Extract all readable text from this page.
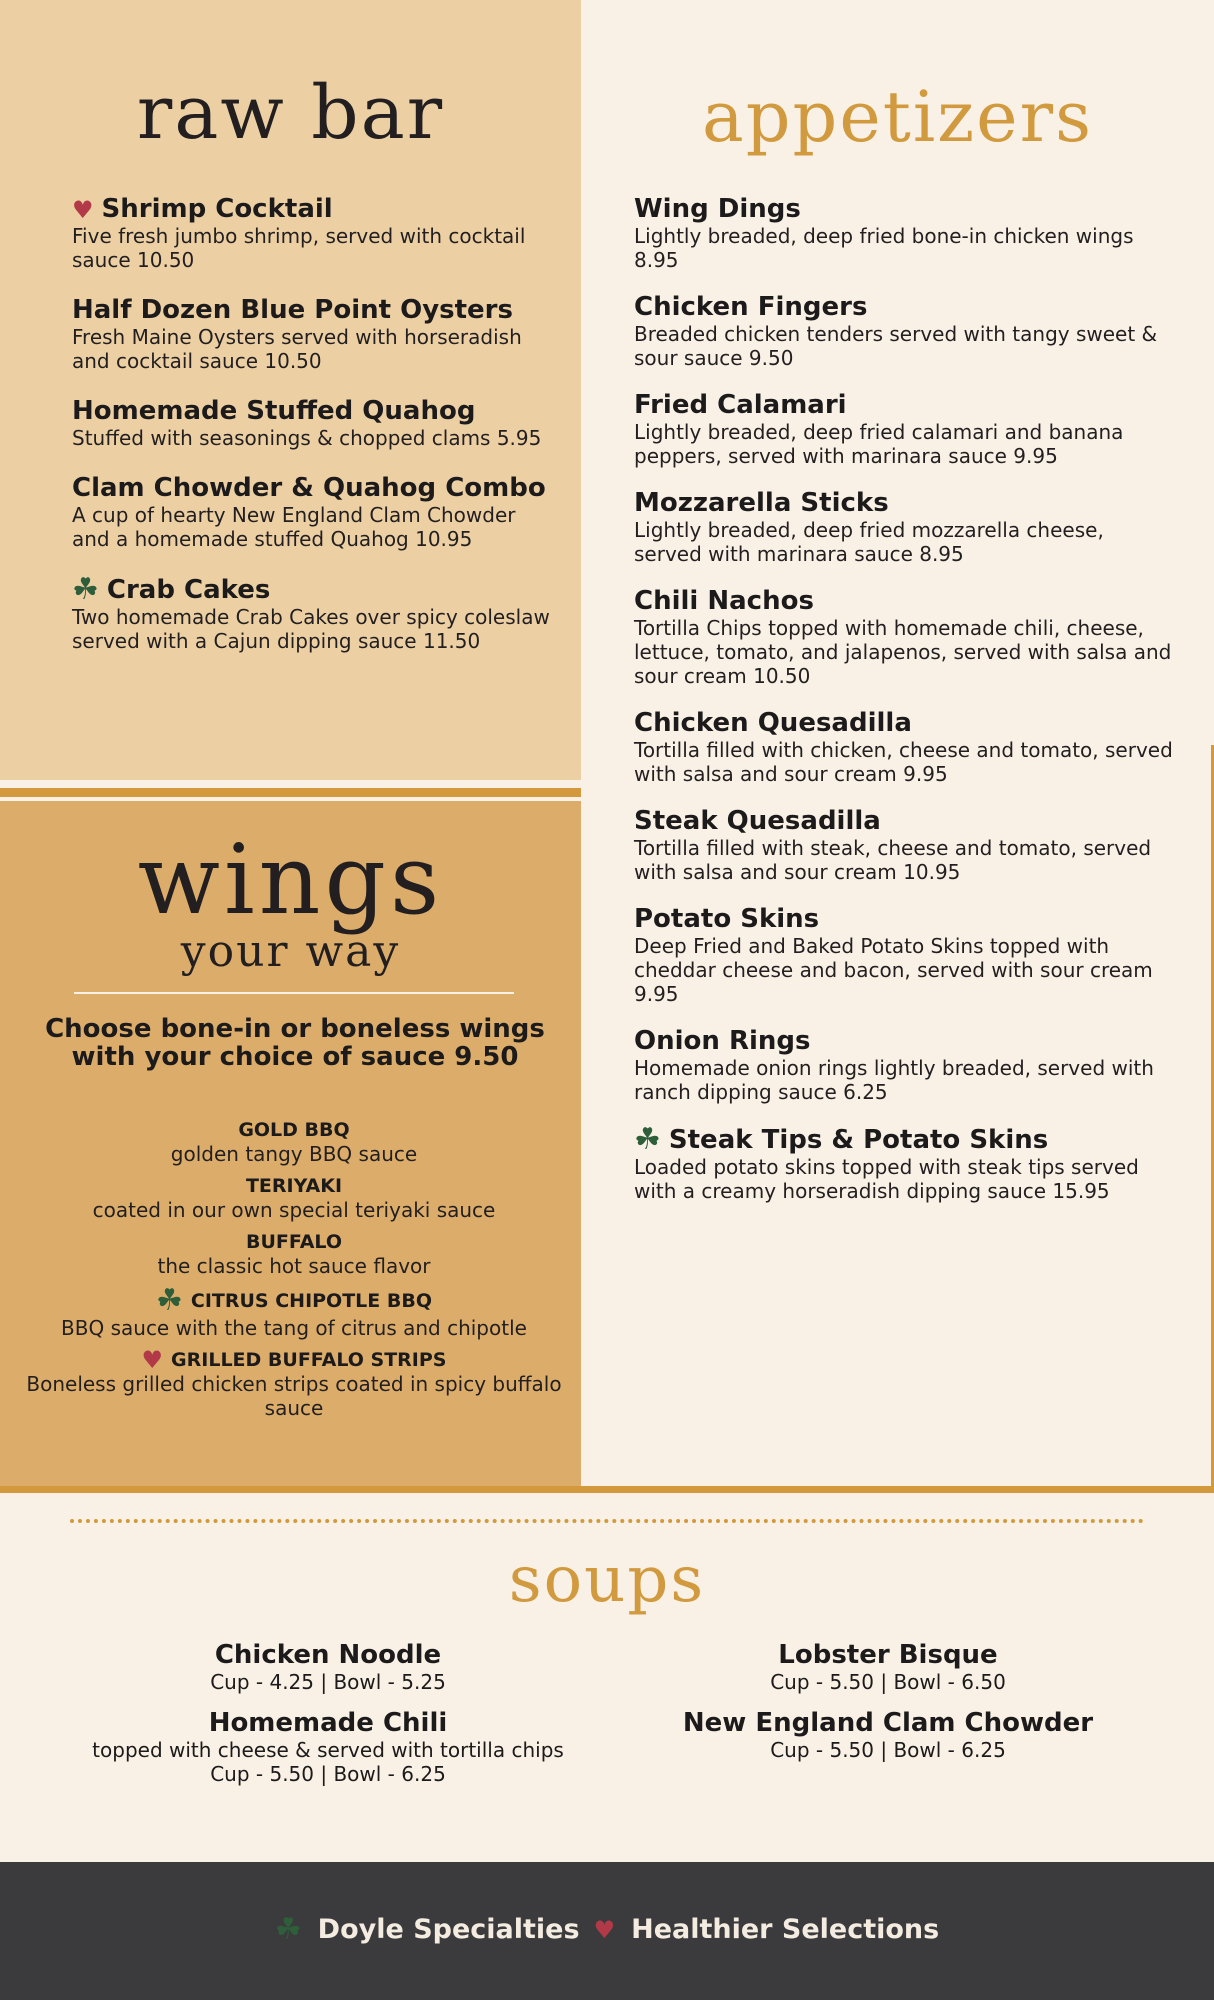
raw bar
♥ Shrimp Cocktail
Five fresh jumbo shrimp, served with cocktail sauce 10.50
Half Dozen Blue Point Oysters
Fresh Maine Oysters served with horseradish and cocktail sauce 10.50
Homemade Stuffed Quahog
Stuffed with seasonings & chopped clams 5.95
Clam Chowder & Quahog Combo
A cup of hearty New England Clam Chowder and a homemade stuffed Quahog 10.95
☘ Crab Cakes
Two homemade Crab Cakes over spicy coleslaw served with a Cajun dipping sauce 11.50
appetizers
Wing Dings
Lightly breaded, deep fried bone-in chicken wings 8.95
Chicken Fingers
Breaded chicken tenders served with tangy sweet & sour sauce 9.50
Fried Calamari
Lightly breaded, deep fried calamari and banana peppers, served with marinara sauce 9.95
Mozzarella Sticks
Lightly breaded, deep fried mozzarella cheese, served with marinara sauce 8.95
Chili Nachos
Tortilla Chips topped with homemade chili, cheese, lettuce, tomato, and jalapenos, served with salsa and sour cream 10.50
Chicken Quesadilla
Tortilla filled with chicken, cheese and tomato, served with salsa and sour cream 9.95
Steak Quesadilla
Tortilla filled with steak, cheese and tomato, served with salsa and sour cream 10.95
Potato Skins
Deep Fried and Baked Potato Skins topped with cheddar cheese and bacon, served with sour cream 9.95
Onion Rings
Homemade onion rings lightly breaded, served with ranch dipping sauce 6.25
☘ Steak Tips & Potato Skins
Loaded potato skins topped with steak tips served with a creamy horseradish dipping sauce 15.95
wings
your way
Choose bone-in or boneless wings with your choice of sauce 9.50
GOLD BBQ
golden tangy BBQ sauce
TERIYAKI
coated in our own special teriyaki sauce
BUFFALO
the classic hot sauce flavor
☘ CITRUS CHIPOTLE BBQ
BBQ sauce with the tang of citrus and chipotle
♥ GRILLED BUFFALO STRIPS
Boneless grilled chicken strips coated in spicy buffalo sauce
soups
Chicken Noodle
Cup - 4.25 | Bowl - 5.25
Homemade Chili
topped with cheese & served with tortilla chips
Cup - 5.50 | Bowl - 6.25
Lobster Bisque
Cup - 5.50 | Bowl - 6.50
New England Clam Chowder
Cup - 5.50 | Bowl - 6.25
☘ Doyle Specialties ♥ Healthier Selections
